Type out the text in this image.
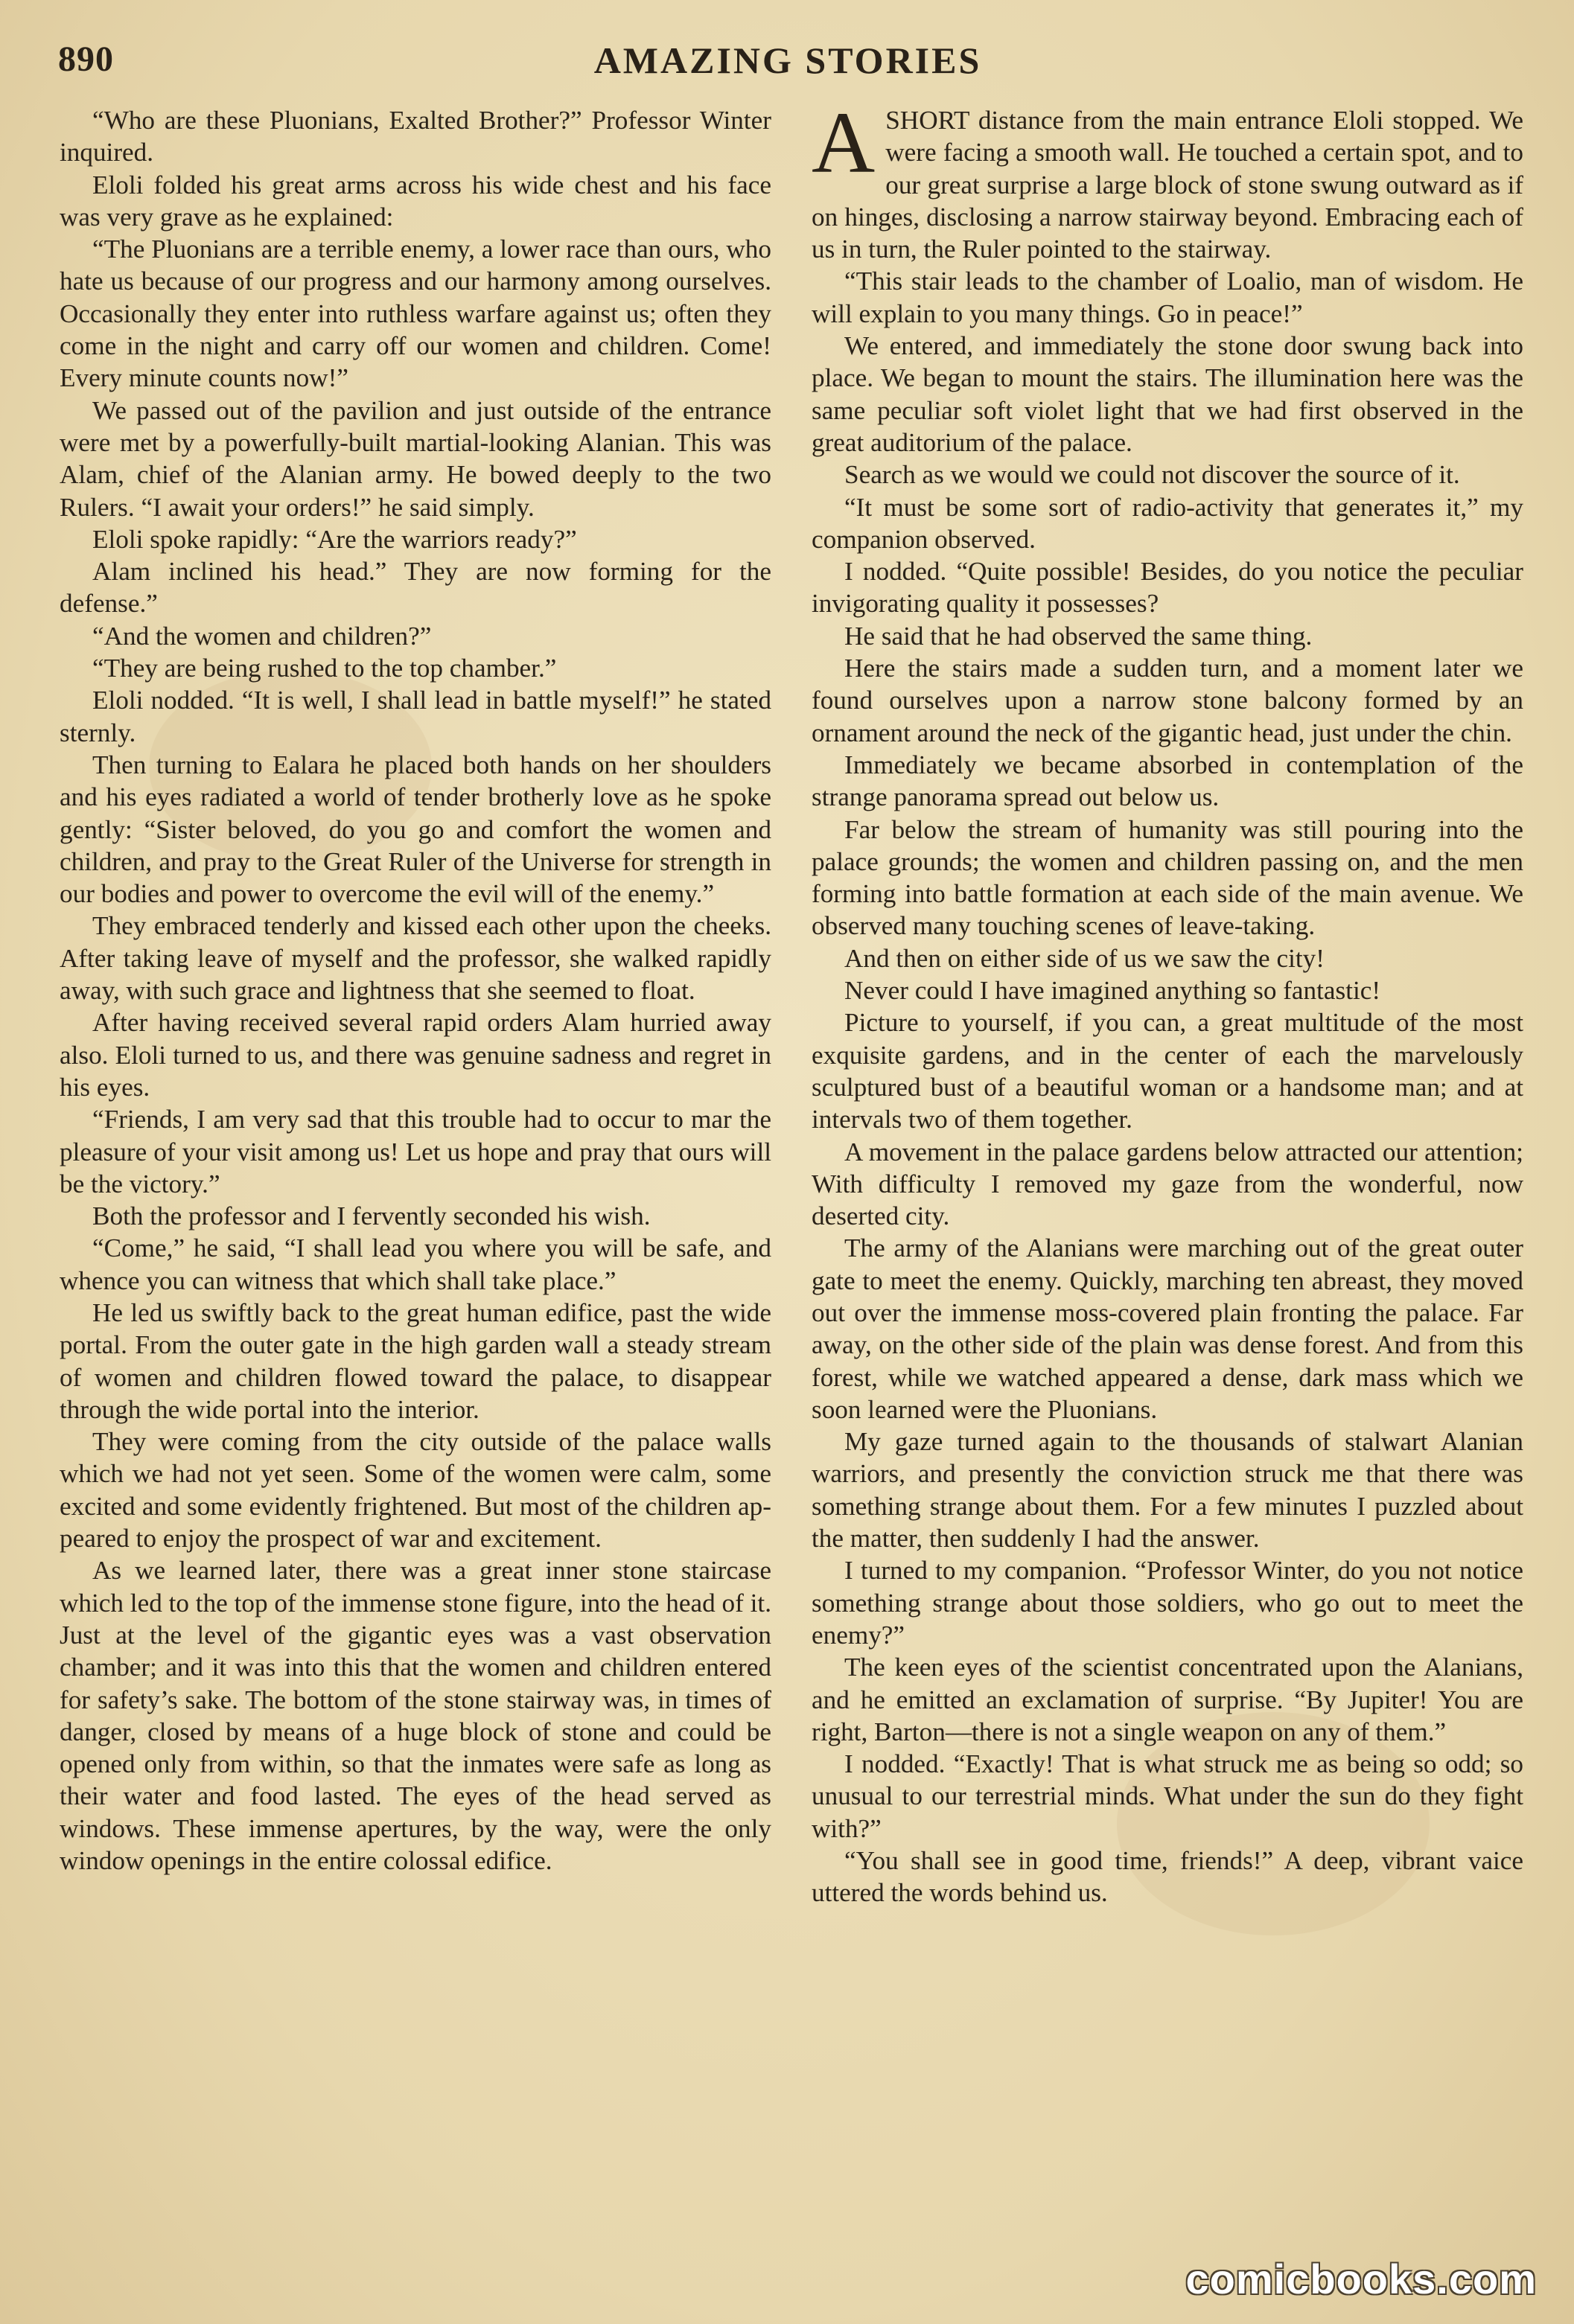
890	AMAZING STORIES

“Who are these Pluonians, Exalted Brother?” Professor Winter inquired.

Eloli folded his great arms across his wide chest and his face was very grave as he explained:

“The Pluonians are a terrible enemy, a lower race than ours, who hate us because of our progress and our harmony among ourselves. Occasionally they enter into ruthless warfare against us; often they come in the night and carry off our women and children. Come! Every minute counts now!”

We passed out of the pavilion and just outside of the entrance were met by a powerfully-built martial-looking Alanian. This was Alam, chief of the Alanian army. He bowed deeply to the two Rulers. “I await your orders!” he said simply.

Eloli spoke rapidly: “Are the warriors ready?”

Alam inclined his head.” They are now forming for the defense.”

“And the women and children?”

“They are being rushed to the top chamber.”

Eloli nodded. “It is well, I shall lead in battle myself!” he stated sternly.

Then turning to Ealara he placed both hands on her shoulders and his eyes radiated a world of tender brotherly love as he spoke gently: “Sister beloved, do you go and comfort the women and children, and pray to the Great Ruler of the Universe for strength in our bodies and power to overcome the evil will of the enemy.”

They embraced tenderly and kissed each other upon the cheeks. After taking leave of myself and the professor, she walked rapidly away, with such grace and lightness that she seemed to float.

After having received several rapid orders Alam hurried away also. Eloli turned to us, and there was genuine sadness and regret in his eyes.

“Friends, I am very sad that this trouble had to occur to mar the pleasure of your visit among us! Let us hope and pray that ours will be the victory.”

Both the professor and I fervently seconded his wish.

“Come,” he said, “I shall lead you where you will be safe, and whence you can witness that which shall take place.”

He led us swiftly back to the great human edifice, past the wide portal. From the outer gate in the high garden wall a steady stream of women and children flowed toward the palace, to disappear through the wide portal into the interior.

They were coming from the city outside of the palace walls which we had not yet seen. Some of the women were calm, some excited and some evidently frightened. But most of the children appeared to enjoy the prospect of war and excitement.

As we learned later, there was a great inner stone staircase which led to the top of the immense stone figure, into the head of it. Just at the level of the gigantic eyes was a vast observation chamber; and it was into this that the women and children entered for safety’s sake. The bottom of the stone stairway was, in times of danger, closed by means of a huge block of stone and could be opened only from within, so that the inmates were safe as long as their water and food lasted. The eyes of the head served as windows. These immense apertures, by the way, were the only window openings in the entire colossal edifice.

ASHORT distance from the main entrance Eloli stopped. We were facing a smooth wall. He touched a certain spot, and to our great surprise a large block of stone swung outward as if on hinges, disclosing a narrow stairway beyond. Embracing each of us in turn, the Ruler pointed to the stairway.

“This stair leads to the chamber of Loalio, man of wisdom. He will explain to you many things. Go in peace!”

We entered, and immediately the stone door swung back into place. We began to mount the stairs. The illumination here was the same peculiar soft violet light that we had first observed in the great auditorium of the palace.

Search as we would we could not discover the source of it.

“It must be some sort of radio-activity that generates it,” my companion observed.

I nodded. “Quite possible! Besides, do you notice the peculiar invigorating quality it possesses?

He said that he had observed the same thing.

Here the stairs made a sudden turn, and a moment later we found ourselves upon a narrow stone balcony formed by an ornament around the neck of the gigantic head, just under the chin.

Immediately we became absorbed in contemplation of the strange panorama spread out below us.

Far below the stream of humanity was still pouring into the palace grounds; the women and children passing on, and the men forming into battle formation at each side of the main avenue. We observed many touching scenes of leave-taking.

And then on either side of us we saw the city!

Never could I have imagined anything so fantastic!

Picture to yourself, if you can, a great multitude of the most exquisite gardens, and in the center of each the marvelously sculptured bust of a beautiful woman or a handsome man; and at intervals two of them together.

A movement in the palace gardens below attracted our attention; With difficulty I removed my gaze from the wonderful, now deserted city.

The army of the Alanians were marching out of the great outer gate to meet the enemy. Quickly, marching ten abreast, they moved out over the immense moss-covered plain fronting the palace. Far away, on the other side of the plain was dense forest. And from this forest, while we watched appeared a dense, dark mass which we soon learned were the Pluonians.

My gaze turned again to the thousands of stalwart Alanian warriors, and presently the conviction struck me that there was something strange about them. For a few minutes I puzzled about the matter, then suddenly I had the answer.

I turned to my companion. “Professor Winter, do you not notice something strange about those soldiers, who go out to meet the enemy?”

The keen eyes of the scientist concentrated upon the Alanians, and he emitted an exclamation of surprise. “By Jupiter! You are right, Barton—there is not a single weapon on any of them.”

I nodded. “Exactly! That is what struck me as being so odd; so unusual to our terrestrial minds. What under the sun do they fight with?”

“You shall see in good time, friends!” A deep, vibrant vaice uttered the words behind us.

comicbooks.com
